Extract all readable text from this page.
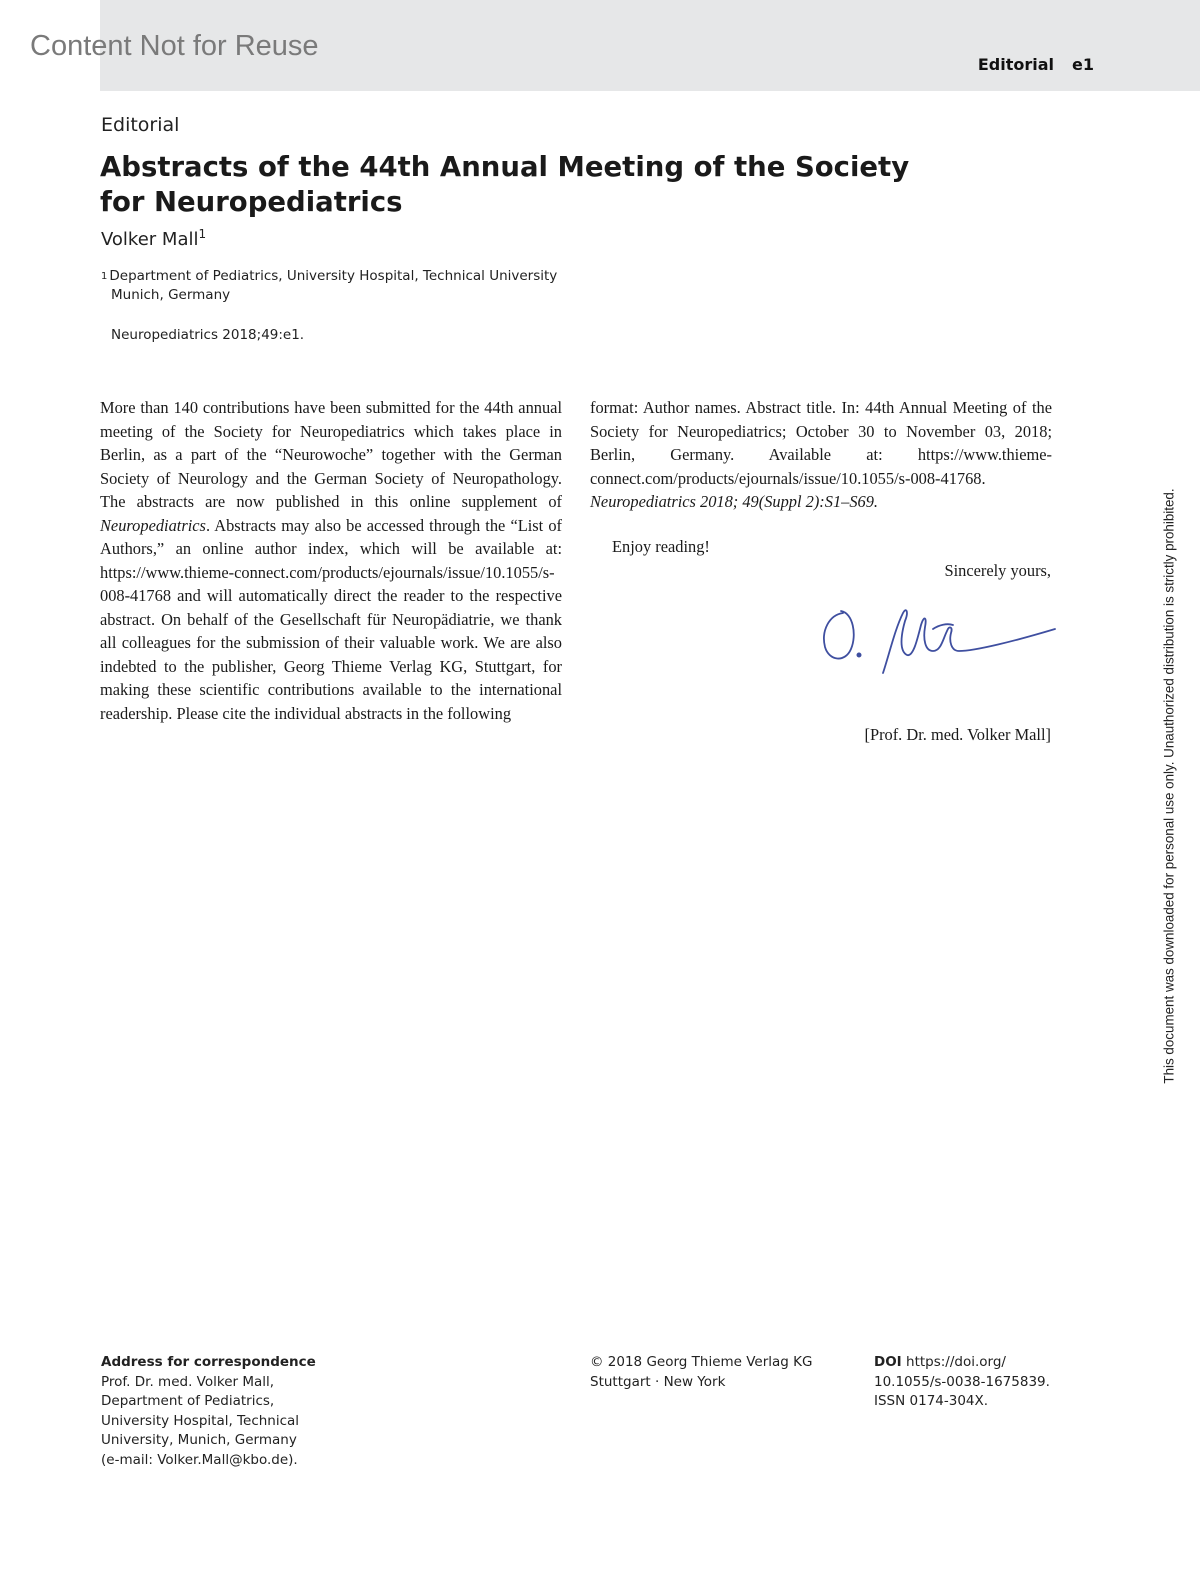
Content Not for Reuse
Editorial e1
Editorial
Abstracts of the 44th Annual Meeting of the Society for Neuropediatrics
Volker Mall$^1$
$^1$ Department of Pediatrics, University Hospital, Technical University
Munich, Germany
Neuropediatrics 2018;49:e1.

More than 140 contributions have been submitted for the 44th annual meeting of the Society for Neuropediatrics which takes place in Berlin, as a part of the “Neurowoche” together with the German Society of Neurology and the German Society of Neuropathology. The abstracts are now published in this online supplement of Neuropediatrics. Abstracts may also be accessed through the “List of Authors,” an online author index, which will be available at: https://www.thieme-connect.com/products/ejournals/issue/10.1055/s-008-41768 and will automatically direct the reader to the respective abstract. On behalf of the Gesellschaft für Neuropädiatrie, we thank all colleagues for the submission of their valuable work. We are also indebted to the publisher, Georg Thieme Verlag KG, Stuttgart, for making these scientific contributions available to the international readership. Please cite the individual abstracts in the following

format: Author names. Abstract title. In: 44th Annual Meeting of the Society for Neuropediatrics; October 30 to November 03, 2018; Berlin, Germany. Available at: https://www.thieme-connect.com/products/ejournals/issue/10.1055/s-008-41768. Neuropediatrics 2018; 49(Suppl 2):S1–S69.

Enjoy reading!
Sincerely yours,
[Prof. Dr. med. Volker Mall]	This document was downloaded for personal use only. Unauthorized distribution is strictly prohibited.
Address for correspondence
Prof. Dr. med. Volker Mall,
Department of Pediatrics,
University Hospital, Technical
University, Munich, Germany
(e-mail: Volker.Mall@kbo.de).
© 2018 Georg Thieme Verlag KG
Stuttgart · New York
DOI https://doi.org/
10.1055/s-0038-1675839.
ISSN 0174-304X.
